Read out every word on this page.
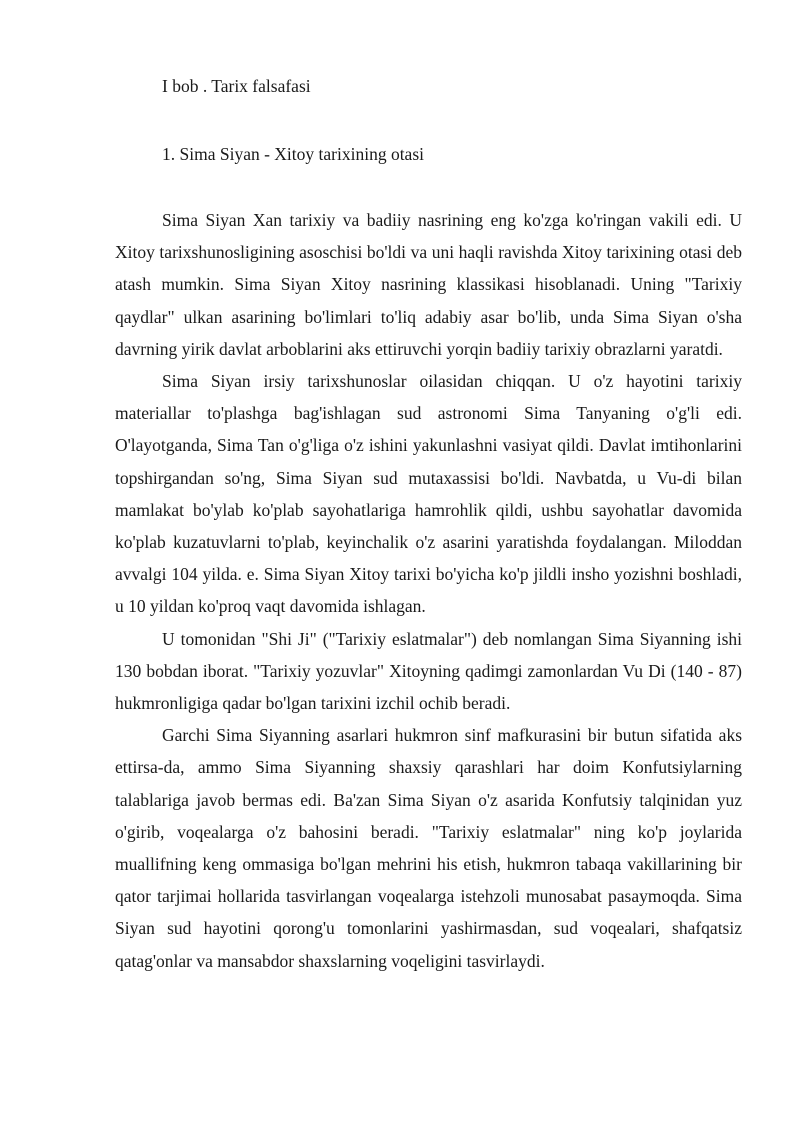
I bob . Tarix falsafasi
1. Sima Siyan - Xitoy tarixining otasi

Sima Siyan Xan tarixiy va badiiy nasrining eng ko'zga ko'ringan vakili edi. U Xitoy tarixshunosligining asoschisi bo'ldi va uni haqli ravishda Xitoy tarixining otasi deb atash mumkin. Sima Siyan Xitoy nasrining klassikasi hisoblanadi. Uning "Tarixiy qaydlar" ulkan asarining bo'limlari to'liq adabiy asar bo'lib, unda Sima Siyan o'sha davrning yirik davlat arboblarini aks ettiruvchi yorqin badiiy tarixiy obrazlarni yaratdi.

Sima Siyan irsiy tarixshunoslar oilasidan chiqqan. U o'z hayotini tarixiy materiallar to'plashga bag'ishlagan sud astronomi Sima Tanyaning o'g'li edi. O'layotganda, Sima Tan o'g'liga o'z ishini yakunlashni vasiyat qildi. Davlat imtihonlarini topshirgandan so'ng, Sima Siyan sud mutaxassisi bo'ldi. Navbatda, u Vu-di bilan mamlakat bo'ylab ko'plab sayohatlariga hamrohlik qildi, ushbu sayohatlar davomida ko'plab kuzatuvlarni to'plab, keyinchalik o'z asarini yaratishda foydalangan. Miloddan avvalgi 104 yilda. e. Sima Siyan Xitoy tarixi bo'yicha ko'p jildli insho yozishni boshladi, u 10 yildan ko'proq vaqt davomida ishlagan.

U tomonidan "Shi Ji" ("Tarixiy eslatmalar") deb nomlangan Sima Siyanning ishi 130 bobdan iborat. "Tarixiy yozuvlar" Xitoyning qadimgi zamonlardan Vu Di (140 - 87) hukmronligiga qadar bo'lgan tarixini izchil ochib beradi.

Garchi Sima Siyanning asarlari hukmron sinf mafkurasini bir butun sifatida aks ettirsa-da, ammo Sima Siyanning shaxsiy qarashlari har doim Konfutsiylarning talablariga javob bermas edi. Ba'zan Sima Siyan o'z asarida Konfutsiy talqinidan yuz o'girib, voqealarga o'z bahosini beradi. "Tarixiy eslatmalar" ning ko'p joylarida muallifning keng ommasiga bo'lgan mehrini his etish, hukmron tabaqa vakillarining bir qator tarjimai hollarida tasvirlangan voqealarga istehzoli munosabat pasaymoqda. Sima Siyan sud hayotini qorong'u tomonlarini yashirmasdan, sud voqealari, shafqatsiz qatag'onlar va mansabdor shaxslarning voqeligini tasvirlaydi.
